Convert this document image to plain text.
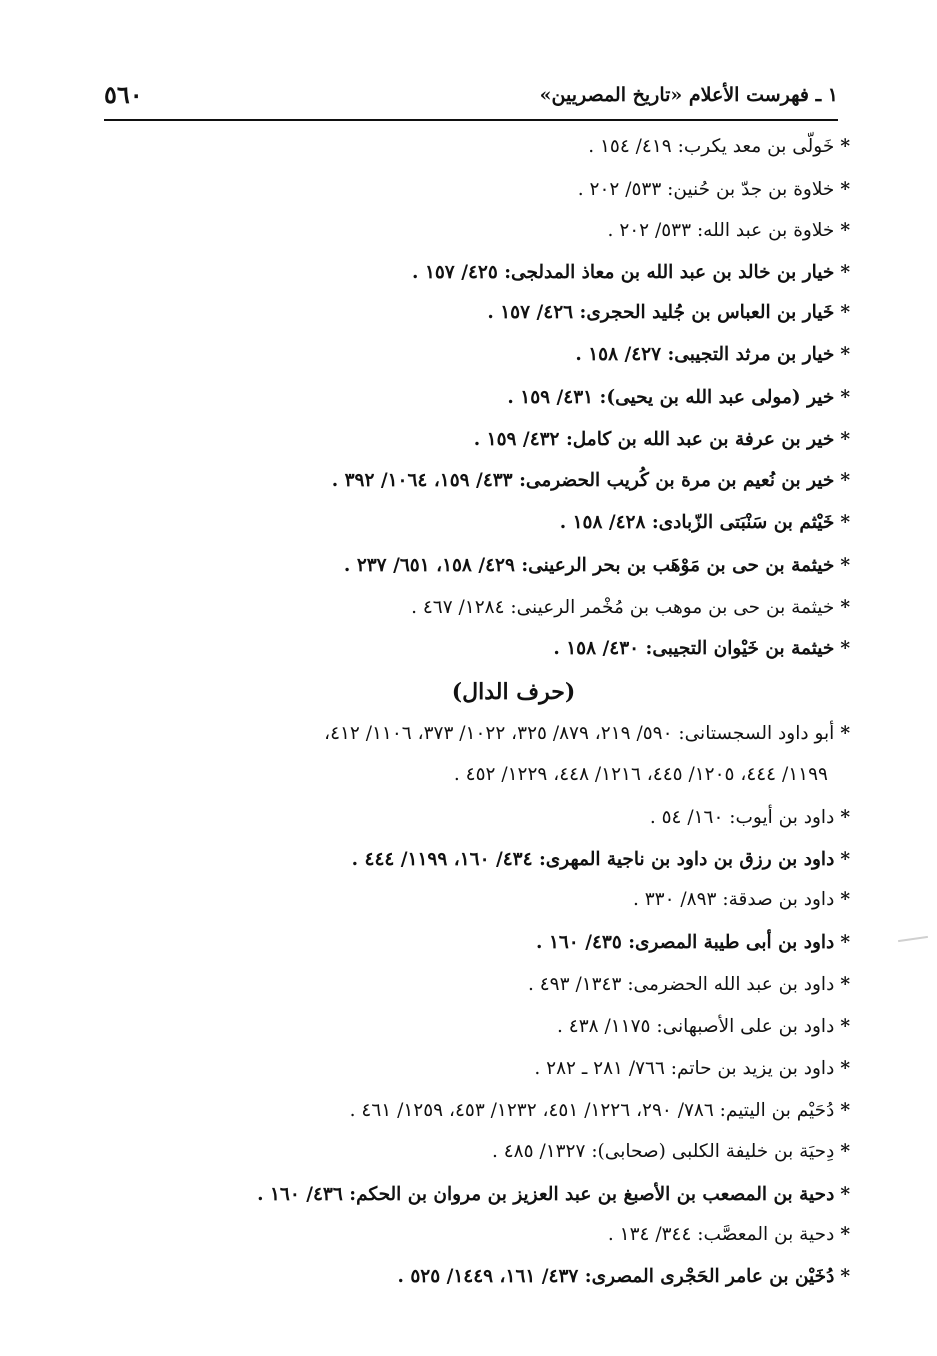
١ ـ فهرست الأعلام «تاريخ المصريين»
٥٦٠
*خَولّى بن معد يكرب: ٤١٩/ ١٥٤ .
*خلاوة بن جدّ بن حُنين: ٥٣٣/ ٢٠٢ .
*خلاوة بن عبد الله: ٥٣٣/ ٢٠٢ .
*خيار بن خالد بن عبد الله بن معاذ المدلجى: ٤٢٥/ ١٥٧ .
*خَيار بن العباس بن جُليد الحجرى: ٤٢٦/ ١٥٧ .
*خيار بن مرثد التجيبى: ٤٢٧/ ١٥٨ .
*خير (مولى عبد الله بن يحيى): ٤٣١/ ١٥٩ .
*خير بن عرفة بن عبد الله بن كامل: ٤٣٢/ ١٥٩ .
*خير بن نُعيم بن مرة بن كُريب الحضرمى: ٤٣٣/ ١٥٩، ١٠٦٤/ ٣٩٢ .
*خَيْثم بن سَنْبَتى الزّبادى: ٤٢٨/ ١٥٨ .
*خيثمة بن حى بن مَوْهَب بن بحر الرعينى: ٤٢٩/ ١٥٨، ٦٥١/ ٢٣٧ .
*خيثمة بن حى بن موهب بن مُخْمر الرعينى: ١٢٨٤/ ٤٦٧ .
*خيثمة بن خَيْوان التجيبى: ٤٣٠/ ١٥٨ .
*أبو داود السجستانى: ٥٩٠/ ٢١٩، ٨٧٩/ ٣٢٥، ١٠٢٢/ ٣٧٣، ١١٠٦/ ٤١٢،
١١٩٩/ ٤٤٤، ١٢٠٥/ ٤٤٥، ١٢١٦/ ٤٤٨، ١٢٢٩/ ٤٥٢ .
*داود بن أيوب: ١٦٠/ ٥٤ .
*داود بن رزق بن داود بن ناجية المهرى: ٤٣٤/ ١٦٠، ١١٩٩/ ٤٤٤ .
*داود بن صدقة: ٨٩٣/ ٣٣٠ .
*داود بن أبى طيبة المصرى: ٤٣٥/ ١٦٠ .
*داود بن عبد الله الحضرمى: ١٣٤٣/ ٤٩٣ .
*داود بن على الأصبهانى: ١١٧٥/ ٤٣٨ .
*داود بن يزيد بن حاتم: ٧٦٦/ ٢٨١ ـ ٢٨٢ .
*دُحَيْم بن اليتيم: ٧٨٦/ ٢٩٠، ١٢٢٦/ ٤٥١، ١٢٣٢/ ٤٥٣، ١٢٥٩/ ٤٦١ .
*دِحيَة بن خليفة الكلبى (صحابى): ١٣٢٧/ ٤٨٥ .
*دحية بن المصعب بن الأصبغ بن عبد العزيز بن مروان بن الحكم: ٤٣٦/ ١٦٠ .
*دحية بن المعصَّب: ٣٤٤/ ١٣٤ .
*دُخَيْن بن عامر الحَجْرى المصرى: ٤٣٧/ ١٦١، ١٤٤٩/ ٥٢٥ .
(حرف الدال)
